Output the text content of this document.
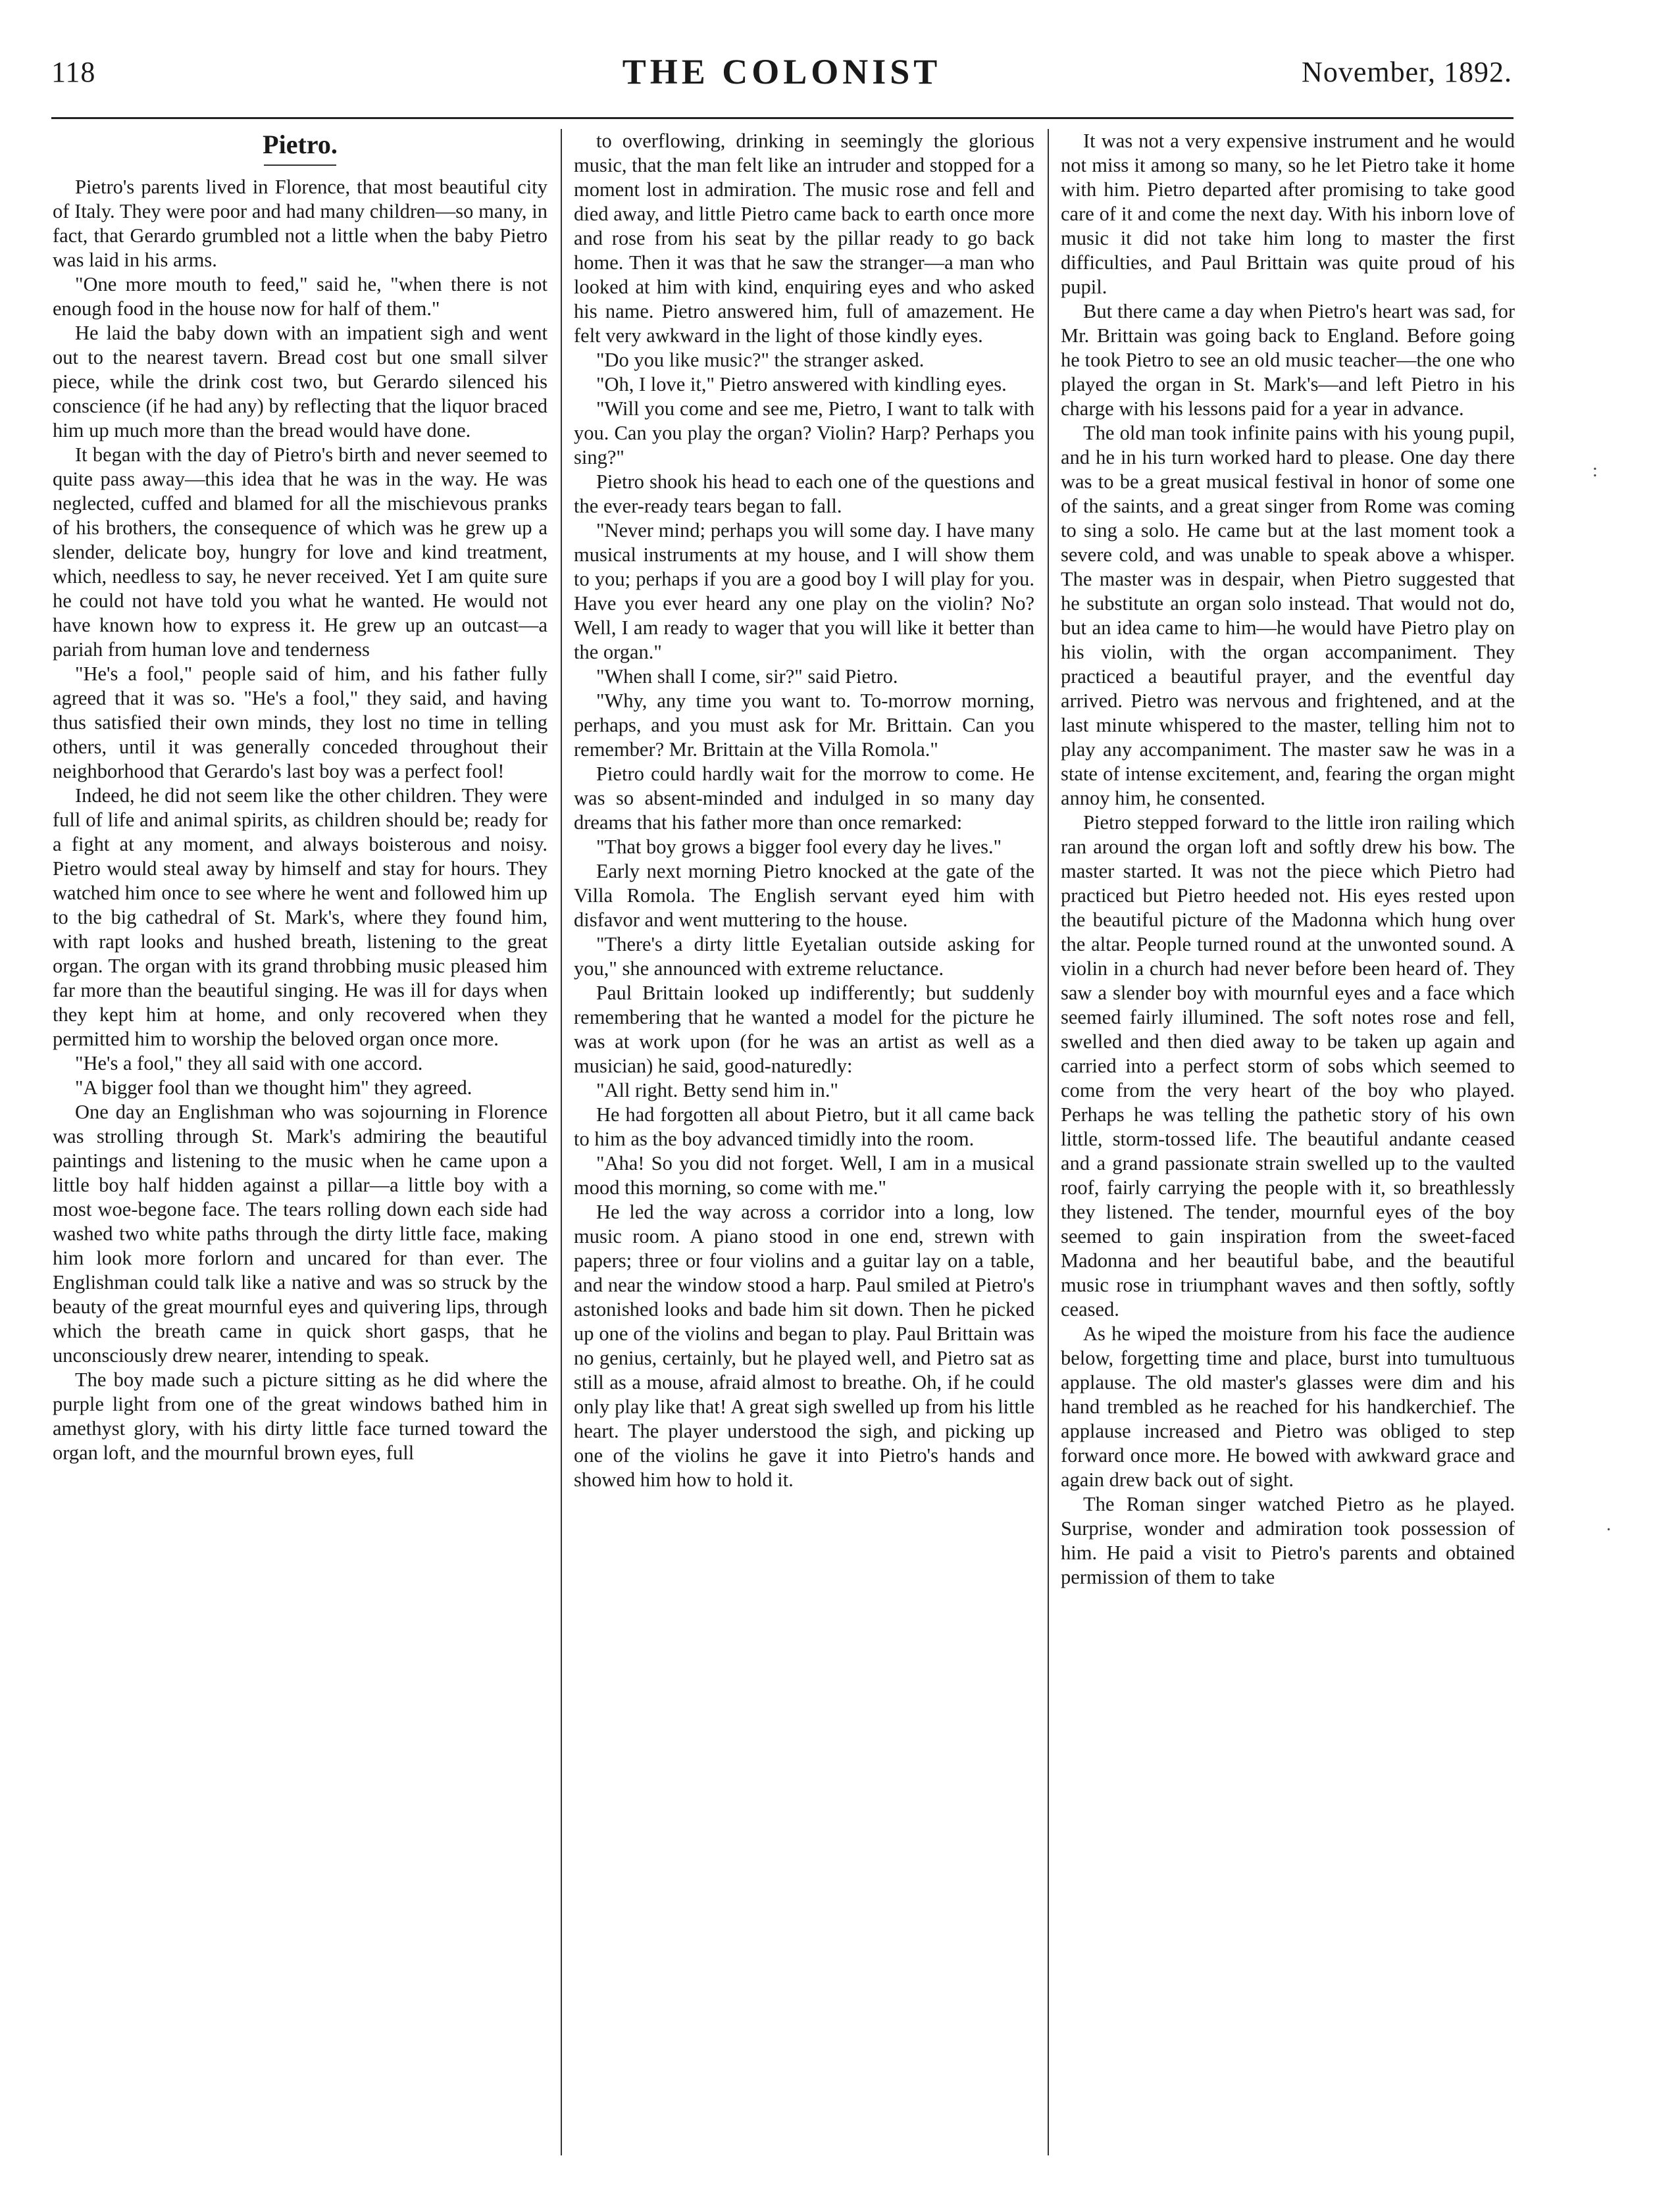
118	THE COLONIST	November, 1892.
Pietro.

Pietro's parents lived in Florence, that most beautiful city of Italy. They were poor and had many children—so many, in fact, that Gerardo grumbled not a little when the baby Pietro was laid in his arms.

"One more mouth to feed," said he, "when there is not enough food in the house now for half of them."

He laid the baby down with an impatient sigh and went out to the nearest tavern. Bread cost but one small silver piece, while the drink cost two, but Gerardo silenced his conscience (if he had any) by reflecting that the liquor braced him up much more than the bread would have done.

It began with the day of Pietro's birth and never seemed to quite pass away—this idea that he was in the way. He was neglected, cuffed and blamed for all the mischievous pranks of his brothers, the consequence of which was he grew up a slender, delicate boy, hungry for love and kind treatment, which, needless to say, he never received. Yet I am quite sure he could not have told you what he wanted. He would not have known how to express it. He grew up an outcast—a pariah from human love and tenderness

"He's a fool," people said of him, and his father fully agreed that it was so. "He's a fool," they said, and having thus satisfied their own minds, they lost no time in telling others, until it was generally conceded throughout their neighborhood that Gerardo's last boy was a perfect fool!

Indeed, he did not seem like the other children. They were full of life and animal spirits, as children should be; ready for a fight at any moment, and always boisterous and noisy. Pietro would steal away by himself and stay for hours. They watched him once to see where he went and followed him up to the big cathedral of St. Mark's, where they found him, with rapt looks and hushed breath, listening to the great organ. The organ with its grand throbbing music pleased him far more than the beautiful singing. He was ill for days when they kept him at home, and only recovered when they permitted him to worship the beloved organ once more.

"He's a fool," they all said with one accord.

"A bigger fool than we thought him" they agreed.

One day an Englishman who was sojourning in Florence was strolling through St. Mark's admiring the beautiful paintings and listening to the music when he came upon a little boy half hidden against a pillar—a little boy with a most woe-begone face. The tears rolling down each side had washed two white paths through the dirty little face, making him look more forlorn and uncared for than ever. The Englishman could talk like a native and was so struck by the beauty of the great mournful eyes and quivering lips, through which the breath came in quick short gasps, that he unconsciously drew nearer, intending to speak.

The boy made such a picture sitting as he did where the purple light from one of the great windows bathed him in amethyst glory, with his dirty little face turned toward the organ loft, and the mournful brown eyes, full

to overflowing, drinking in seemingly the glorious music, that the man felt like an intruder and stopped for a moment lost in admiration. The music rose and fell and died away, and little Pietro came back to earth once more and rose from his seat by the pillar ready to go back home. Then it was that he saw the stranger—a man who looked at him with kind, enquiring eyes and who asked his name. Pietro answered him, full of amazement. He felt very awkward in the light of those kindly eyes.

"Do you like music?" the stranger asked.

"Oh, I love it," Pietro answered with kindling eyes.

"Will you come and see me, Pietro, I want to talk with you. Can you play the organ? Violin? Harp? Perhaps you sing?"

Pietro shook his head to each one of the questions and the ever-ready tears began to fall.

"Never mind; perhaps you will some day. I have many musical instruments at my house, and I will show them to you; perhaps if you are a good boy I will play for you. Have you ever heard any one play on the violin? No? Well, I am ready to wager that you will like it better than the organ."

"When shall I come, sir?" said Pietro.

"Why, any time you want to. To-morrow morning, perhaps, and you must ask for Mr. Brittain. Can you remember? Mr. Brittain at the Villa Romola."

Pietro could hardly wait for the morrow to come. He was so absent-minded and indulged in so many day dreams that his father more than once remarked:

"That boy grows a bigger fool every day he lives."

Early next morning Pietro knocked at the gate of the Villa Romola. The English servant eyed him with disfavor and went muttering to the house.

"There's a dirty little Eyetalian outside asking for you," she announced with extreme reluctance.

Paul Brittain looked up indifferently; but suddenly remembering that he wanted a model for the picture he was at work upon (for he was an artist as well as a musician) he said, good-naturedly:

"All right. Betty send him in."

He had forgotten all about Pietro, but it all came back to him as the boy advanced timidly into the room.

"Aha! So you did not forget. Well, I am in a musical mood this morning, so come with me."

He led the way across a corridor into a long, low music room. A piano stood in one end, strewn with papers; three or four violins and a guitar lay on a table, and near the window stood a harp. Paul smiled at Pietro's astonished looks and bade him sit down. Then he picked up one of the violins and began to play. Paul Brittain was no genius, certainly, but he played well, and Pietro sat as still as a mouse, afraid almost to breathe. Oh, if he could only play like that! A great sigh swelled up from his little heart. The player understood the sigh, and picking up one of the violins he gave it into Pietro's hands and showed him how to hold it.

It was not a very expensive instrument and he would not miss it among so many, so he let Pietro take it home with him. Pietro departed after promising to take good care of it and come the next day. With his inborn love of music it did not take him long to master the first difficulties, and Paul Brittain was quite proud of his pupil.

But there came a day when Pietro's heart was sad, for Mr. Brittain was going back to England. Before going he took Pietro to see an old music teacher—the one who played the organ in St. Mark's—and left Pietro in his charge with his lessons paid for a year in advance.

The old man took infinite pains with his young pupil, and he in his turn worked hard to please. One day there was to be a great musical festival in honor of some one of the saints, and a great singer from Rome was coming to sing a solo. He came but at the last moment took a severe cold, and was unable to speak above a whisper. The master was in despair, when Pietro suggested that he substitute an organ solo instead. That would not do, but an idea came to him—he would have Pietro play on his violin, with the organ accompaniment. They practiced a beautiful prayer, and the eventful day arrived. Pietro was nervous and frightened, and at the last minute whispered to the master, telling him not to play any accompaniment. The master saw he was in a state of intense excitement, and, fearing the organ might annoy him, he consented.

Pietro stepped forward to the little iron railing which ran around the organ loft and softly drew his bow. The master started. It was not the piece which Pietro had practiced but Pietro heeded not. His eyes rested upon the beautiful picture of the Madonna which hung over the altar. People turned round at the unwonted sound. A violin in a church had never before been heard of. They saw a slender boy with mournful eyes and a face which seemed fairly illumined. The soft notes rose and fell, swelled and then died away to be taken up again and carried into a perfect storm of sobs which seemed to come from the very heart of the boy who played. Perhaps he was telling the pathetic story of his own little, storm-tossed life. The beautiful andante ceased and a grand passionate strain swelled up to the vaulted roof, fairly carrying the people with it, so breathlessly they listened. The tender, mournful eyes of the boy seemed to gain inspiration from the sweet-faced Madonna and her beautiful babe, and the beautiful music rose in triumphant waves and then softly, softly ceased.

As he wiped the moisture from his face the audience below, forgetting time and place, burst into tumultuous applause. The old master's glasses were dim and his hand trembled as he reached for his handkerchief. The applause increased and Pietro was obliged to step forward once more. He bowed with awkward grace and again drew back out of sight.

The Roman singer watched Pietro as he played. Surprise, wonder and admiration took possession of him. He paid a visit to Pietro's parents and obtained permission of them to take

:
·
